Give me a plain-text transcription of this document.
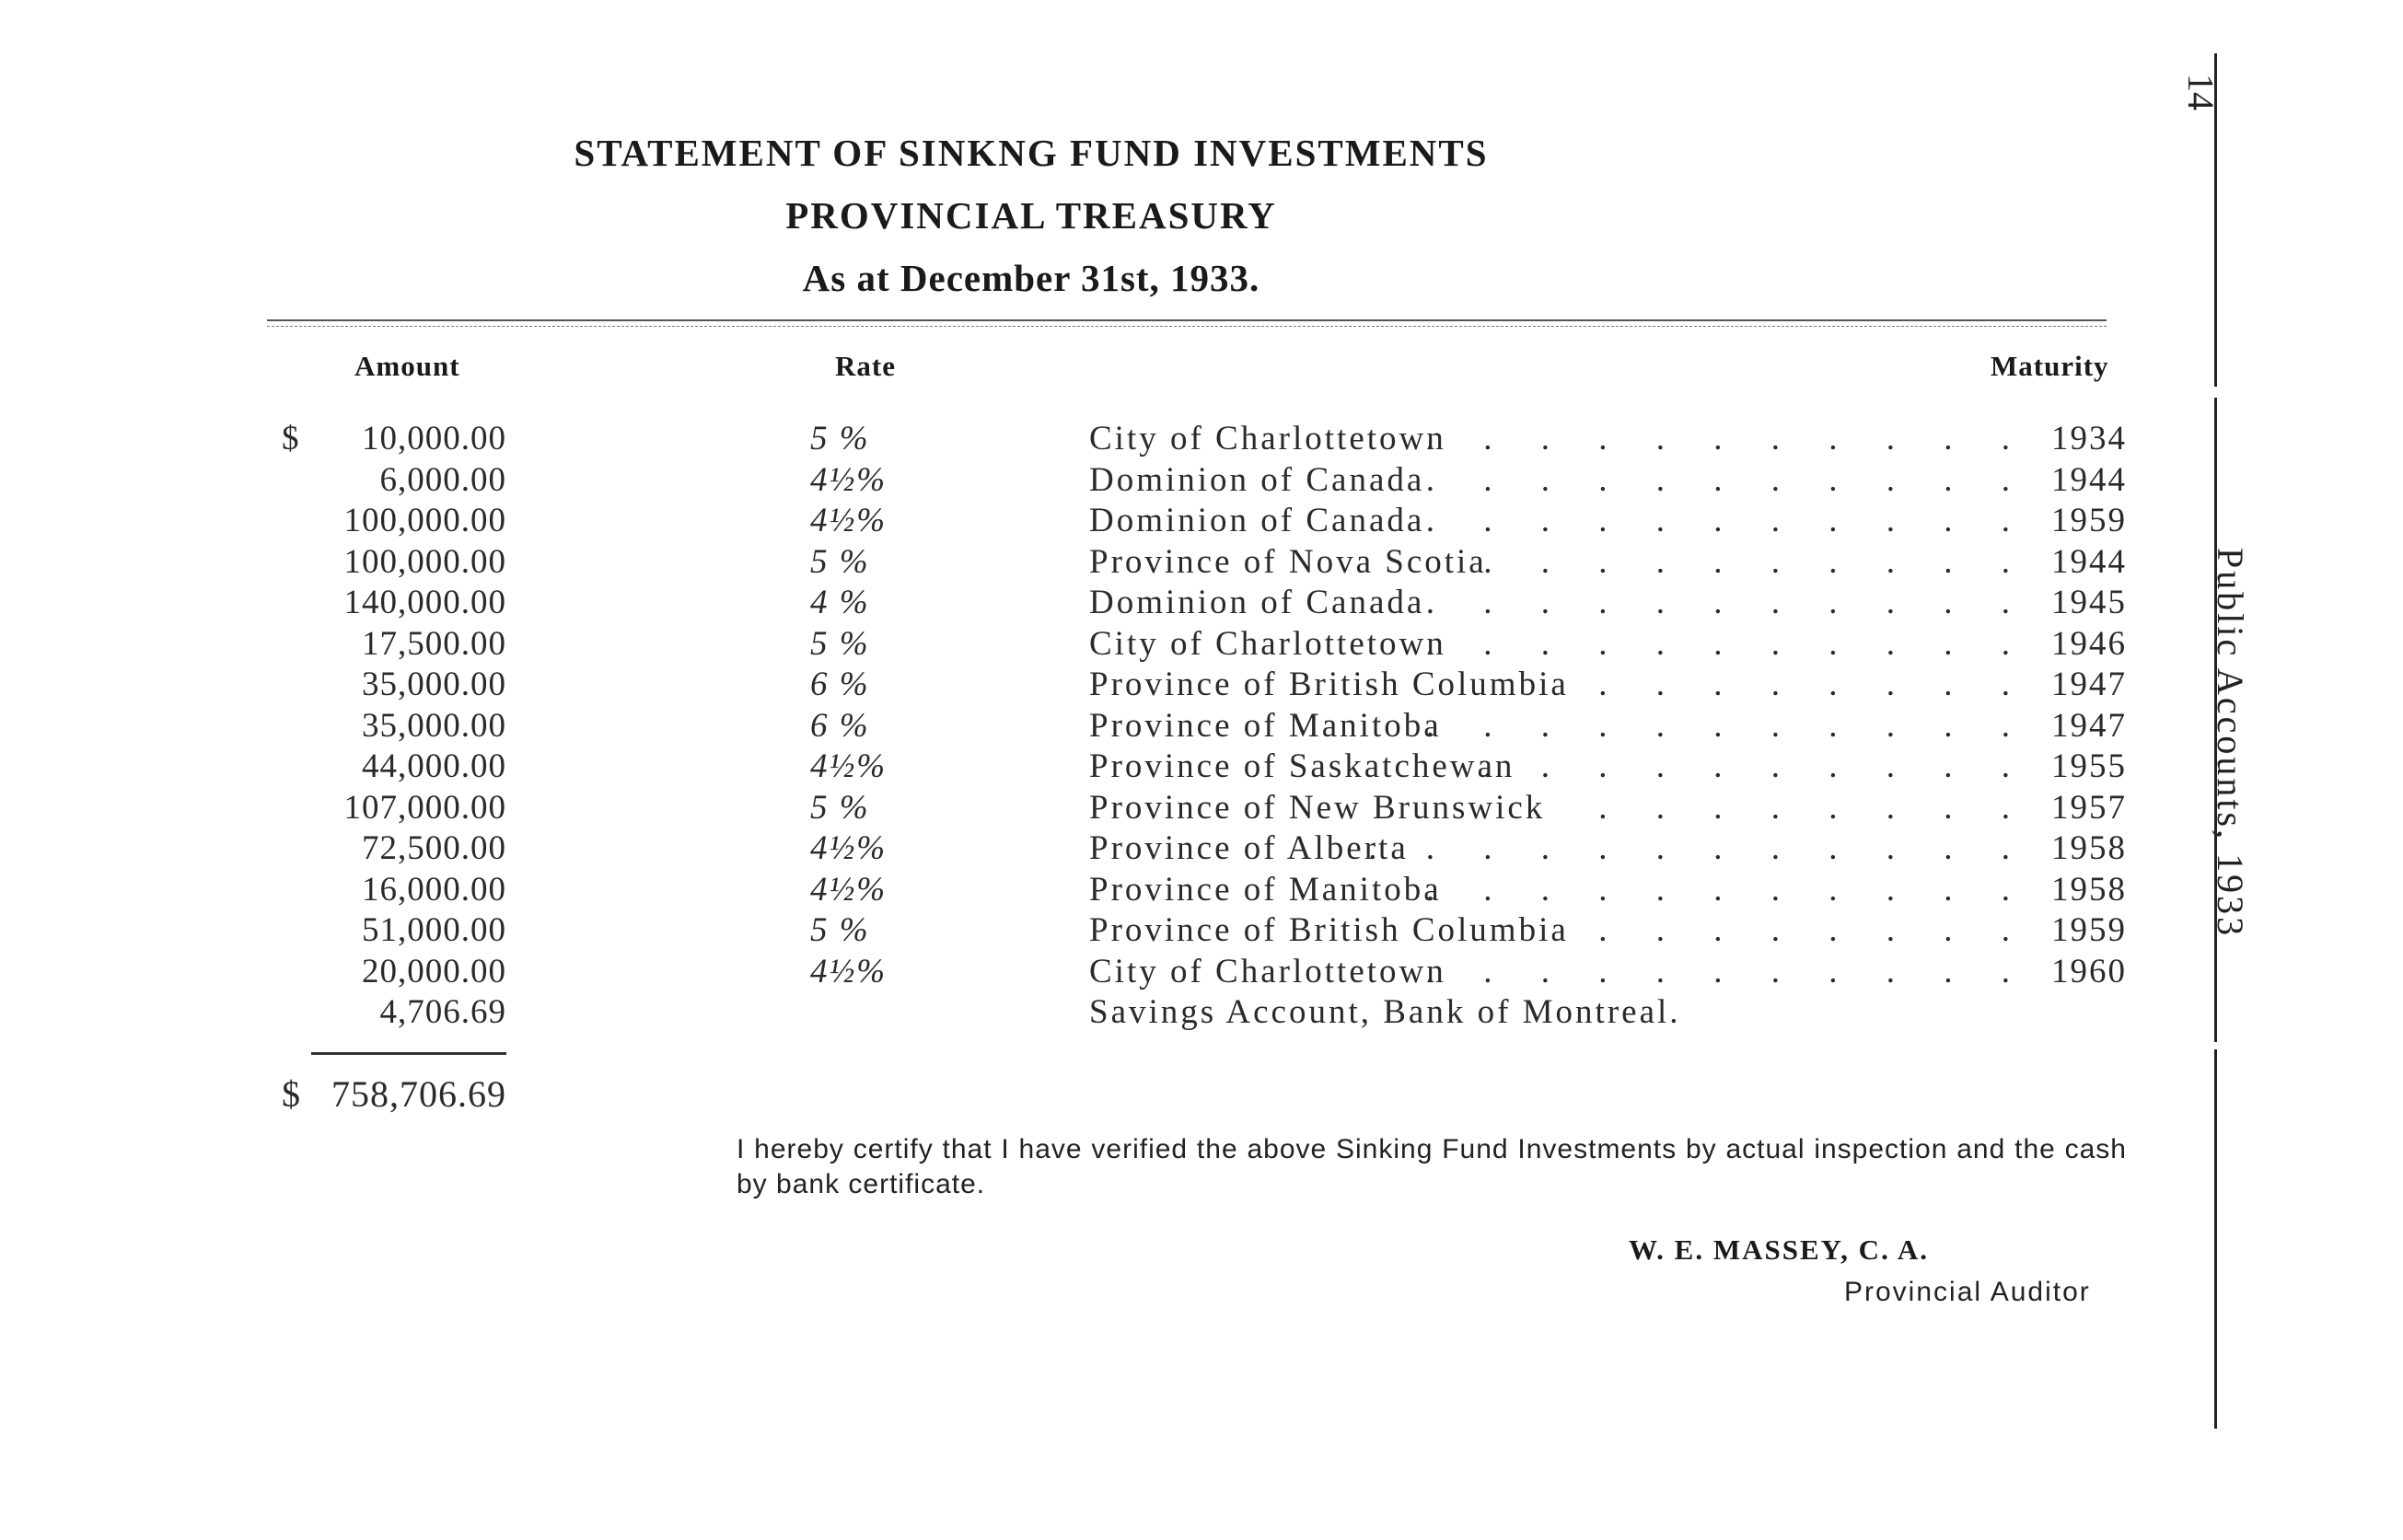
STATEMENT OF SINKNG FUND INVESTMENTS
PROVINCIAL TREASURY
As at December 31st, 1933.
Amount	Rate	Maturity
$	10,000.00	5 %	City of Charlottetown	1934
. . . . . . . . . . .
6,000.00	4½%	Dominion of Canada	1944
. . . . . . . . . . .
100,000.00	4½%	Dominion of Canada	1959
. . . . . . . . . . .
100,000.00	5 %	Province of Nova Scotia	1944
. . . . . . . . . .
140,000.00	4 %	Dominion of Canada	1945
. . . . . . . . . . .
17,500.00	5 %	City of Charlottetown	1946
. . . . . . . . . . .
35,000.00	6 %	Province of British Columbia	1947
. . . . . . . .
35,000.00	6 %	Province of Manitoba	1947
. . . . . . . . . . .
44,000.00	4½%	Province of Saskatchewan	1955
. . . . . . . . . .
107,000.00	5 %	Province of New Brunswick	1957
. . . . . . . .
72,500.00	4½%	Province of Alberta	1958
. . . . . . . . . . . .
16,000.00	4½%	Province of Manitoba	1958
. . . . . . . . . . .
51,000.00	5 %	Province of British Columbia	1959
. . . . . . . .
20,000.00	4½%	City of Charlottetown	1960
. . . . . . . . . . .
4,706.69	Savings Account, Bank of Montreal.
$ 758,706.69
I hereby certify that I have verified the above Sinking Fund Investments by actual inspection and the cash by bank certificate.
W. E. MASSEY, C. A.
Provincial Auditor
14
Public Accounts, 1933
